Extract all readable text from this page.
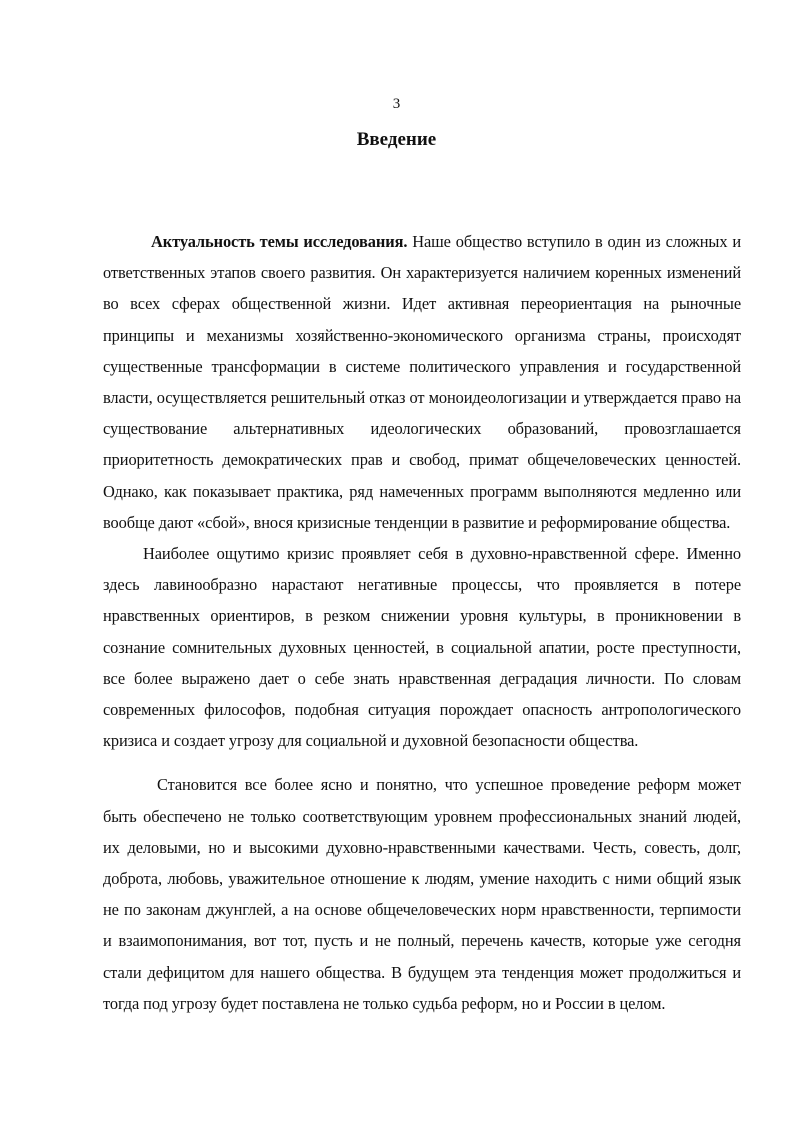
3
Введение

Актуальность темы исследования. Наше общество вступило в один из сложных и ответственных этапов своего развития. Он характеризуется наличием коренных изменений во всех сферах общественной жизни. Идет активная переориентация на рыночные принципы и механизмы хозяйственно-экономического организма страны, происходят существенные трансформации в системе политического управления и государственной власти, осуществляется решительный отказ от моноидеологизации и утверждается право на существование альтернативных идеологических образований, провозглашается приоритетность демократических прав и свобод, примат общечеловеческих ценностей. Однако, как показывает практика, ряд намеченных программ выполняются медленно или вообще дают «сбой», внося кризисные тенденции в развитие и реформирование общества.

Наиболее ощутимо кризис проявляет себя в духовно-нравственной сфере. Именно здесь лавинообразно нарастают негативные процессы, что проявляется в потере нравственных ориентиров, в резком снижении уровня культуры, в проникновении в сознание сомнительных духовных ценностей, в социальной апатии, росте преступности, все более выражено дает о себе знать нравственная деградация личности. По словам современных философов, подобная ситуация порождает опасность антропологического кризиса и создает угрозу для социальной и духовной безопасности общества.

Становится все более ясно и понятно, что успешное проведение реформ может быть обеспечено не только соответствующим уровнем профессиональных знаний людей, их деловыми, но и высокими духовно-нравственными качествами. Честь, совесть, долг, доброта, любовь, уважительное отношение к людям, умение находить с ними общий язык не по законам джунглей, а на основе общечеловеческих норм нравственности, терпимости и взаимопонимания, вот тот, пусть и не полный, перечень качеств, которые уже сегодня стали дефицитом для нашего общества. В будущем эта тенденция может продолжиться и тогда под угрозу будет поставлена не только судьба реформ, но и России в целом.
